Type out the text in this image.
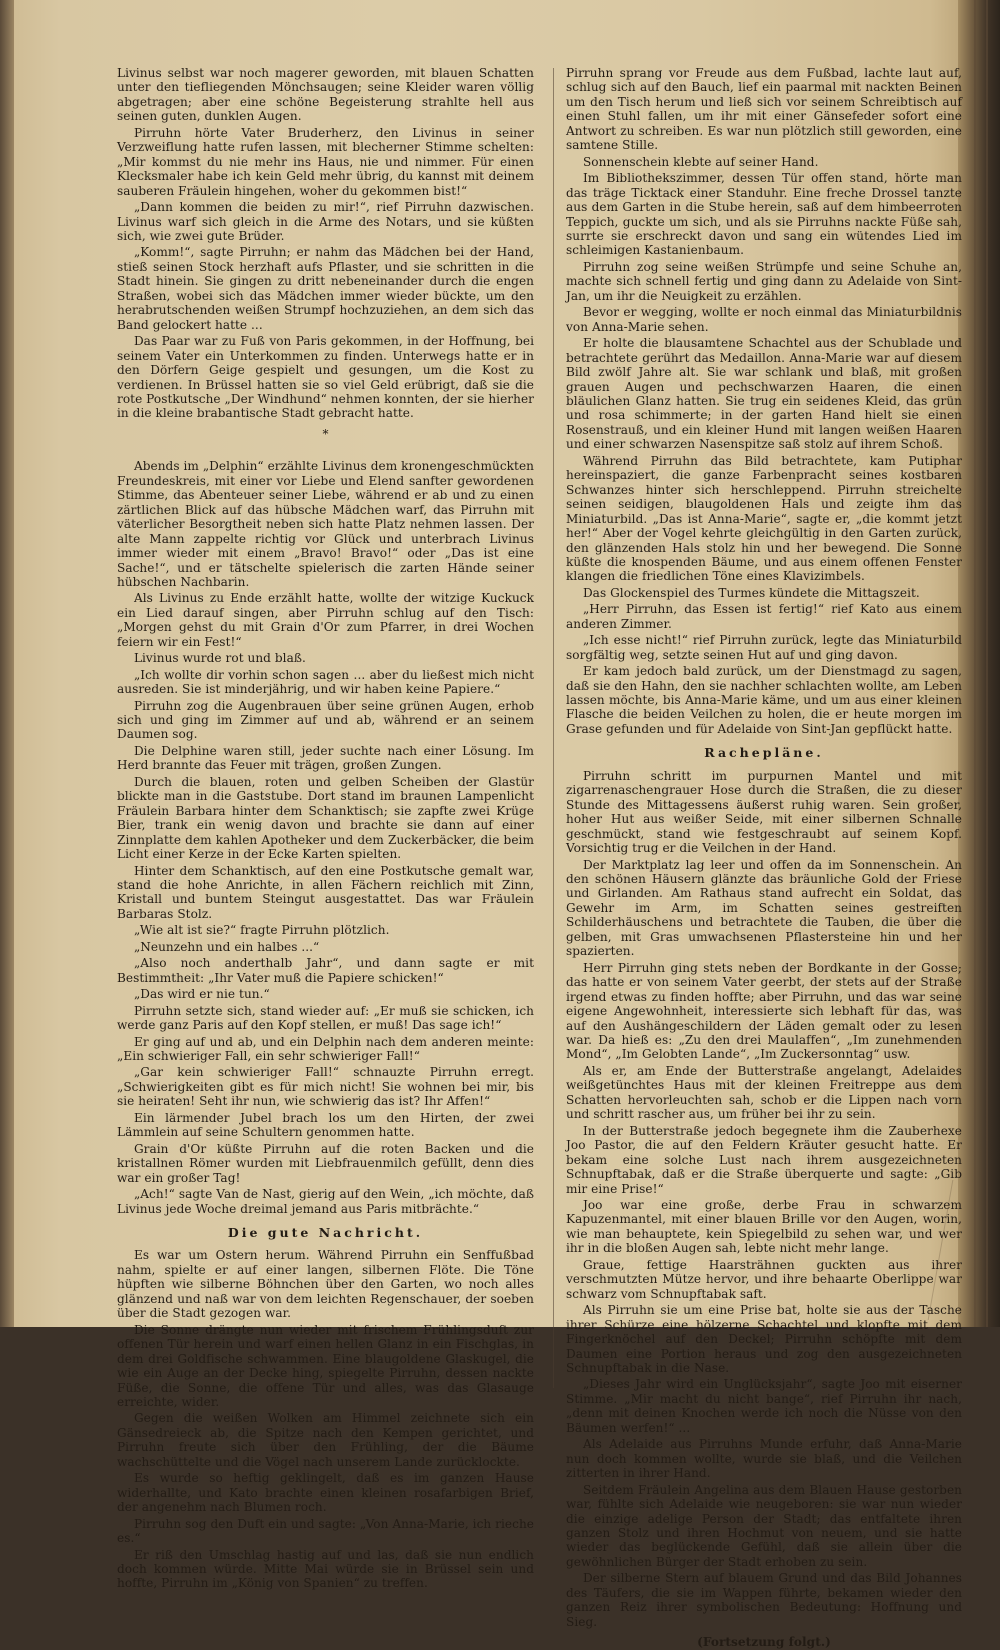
Livinus selbst war noch magerer geworden, mit blauen Schatten unter den tiefliegenden Mönchsaugen; seine Kleider waren völlig abgetragen; aber eine schöne Begeisterung strahlte hell aus seinen guten, dunklen Augen.

Pirruhn hörte Vater Bruderherz, den Livinus in seiner Verzweiflung hatte rufen lassen, mit blecherner Stimme schelten: „Mir kommst du nie mehr ins Haus, nie und nimmer. Für einen Klecksmaler habe ich kein Geld mehr übrig, du kannst mit deinem sauberen Fräulein hingehen, woher du gekommen bist!“

„Dann kommen die beiden zu mir!“, rief Pirruhn dazwischen. Livinus warf sich gleich in die Arme des Notars, und sie küßten sich, wie zwei gute Brüder.

„Komm!“, sagte Pirruhn; er nahm das Mädchen bei der Hand, stieß seinen Stock herzhaft aufs Pflaster, und sie schritten in die Stadt hinein. Sie gingen zu dritt nebeneinander durch die engen Straßen, wobei sich das Mädchen immer wieder bückte, um den herabrutschenden weißen Strumpf hochzuziehen, an dem sich das Band gelockert hatte ...

Das Paar war zu Fuß von Paris gekommen, in der Hoffnung, bei seinem Vater ein Unterkommen zu finden. Unterwegs hatte er in den Dörfern Geige gespielt und gesungen, um die Kost zu verdienen. In Brüssel hatten sie so viel Geld erübrigt, daß sie die rote Postkutsche „Der Windhund“ nehmen konnten, der sie hierher in die kleine brabantische Stadt gebracht hatte.

*

Abends im „Delphin“ erzählte Livinus dem kronengeschmückten Freundeskreis, mit einer vor Liebe und Elend sanfter gewordenen Stimme, das Abenteuer seiner Liebe, während er ab und zu einen zärtlichen Blick auf das hübsche Mädchen warf, das Pirruhn mit väterlicher Besorgtheit neben sich hatte Platz nehmen lassen. Der alte Mann zappelte richtig vor Glück und unterbrach Livinus immer wieder mit einem „Bravo! Bravo!“ oder „Das ist eine Sache!“, und er tätschelte spielerisch die zarten Hände seiner hübschen Nachbarin.

Als Livinus zu Ende erzählt hatte, wollte der witzige Kuckuck ein Lied darauf singen, aber Pirruhn schlug auf den Tisch: „Morgen gehst du mit Grain d'Or zum Pfarrer, in drei Wochen feiern wir ein Fest!“

Livinus wurde rot und blaß.

„Ich wollte dir vorhin schon sagen ... aber du ließest mich nicht ausreden. Sie ist minderjährig, und wir haben keine Papiere.“

Pirruhn zog die Augenbrauen über seine grünen Augen, erhob sich und ging im Zimmer auf und ab, während er an seinem Daumen sog.

Die Delphine waren still, jeder suchte nach einer Lösung. Im Herd brannte das Feuer mit trägen, großen Zungen.

Durch die blauen, roten und gelben Scheiben der Glastür blickte man in die Gaststube. Dort stand im braunen Lampenlicht Fräulein Barbara hinter dem Schanktisch; sie zapfte zwei Krüge Bier, trank ein wenig davon und brachte sie dann auf einer Zinnplatte dem kahlen Apotheker und dem Zuckerbäcker, die beim Licht einer Kerze in der Ecke Karten spielten.

Hinter dem Schanktisch, auf den eine Postkutsche gemalt war, stand die hohe Anrichte, in allen Fächern reichlich mit Zinn, Kristall und buntem Steingut ausgestattet. Das war Fräulein Barbaras Stolz.

„Wie alt ist sie?“ fragte Pirruhn plötzlich.

„Neunzehn und ein halbes ...“

„Also noch anderthalb Jahr“, und dann sagte er mit Bestimmtheit: „Ihr Vater muß die Papiere schicken!“

„Das wird er nie tun.“

Pirruhn setzte sich, stand wieder auf: „Er muß sie schicken, ich werde ganz Paris auf den Kopf stellen, er muß! Das sage ich!“

Er ging auf und ab, und ein Delphin nach dem anderen meinte: „Ein schwieriger Fall, ein sehr schwieriger Fall!“

„Gar kein schwieriger Fall!“ schnauzte Pirruhn erregt. „Schwierigkeiten gibt es für mich nicht! Sie wohnen bei mir, bis sie heiraten! Seht ihr nun, wie schwierig das ist? Ihr Affen!“

Ein lärmender Jubel brach los um den Hirten, der zwei Lämmlein auf seine Schultern genommen hatte.

Grain d'Or küßte Pirruhn auf die roten Backen und die kristallnen Römer wurden mit Liebfrauenmilch gefüllt, denn dies war ein großer Tag!

„Ach!“ sagte Van de Nast, gierig auf den Wein, „ich möchte, daß Livinus jede Woche dreimal jemand aus Paris mitbrächte.“

Die gute Nachricht.

Es war um Ostern herum. Während Pirruhn ein Senffußbad nahm, spielte er auf einer langen, silbernen Flöte. Die Töne hüpften wie silberne Böhnchen über den Garten, wo noch alles glänzend und naß war von dem leichten Regenschauer, der soeben über die Stadt gezogen war.

Die Sonne drängte nun wieder mit frischem Frühlingsduft zur offenen Tür herein und warf einen hellen Glanz in ein Fischglas, in dem drei Goldfische schwammen. Eine blaugoldene Glaskugel, die wie ein Auge an der Decke hing, spiegelte Pirruhn, dessen nackte Füße, die Sonne, die offene Tür und alles, was das Glasauge erreichte, wider.

Gegen die weißen Wolken am Himmel zeichnete sich ein Gänsedreieck ab, die Spitze nach den Kempen gerichtet, und Pirruhn freute sich über den Frühling, der die Bäume wachschüttelte und die Vögel nach unserem Lande zurücklockte.

Es wurde so heftig geklingelt, daß es im ganzen Hause widerhallte, und Kato brachte einen kleinen rosafarbigen Brief, der angenehm nach Blumen roch.

Pirruhn sog den Duft ein und sagte: „Von Anna-Marie, ich rieche es.“

Er riß den Umschlag hastig auf und las, daß sie nun endlich doch kommen würde. Mitte Mai würde sie in Brüssel sein und hoffte, Pirruhn im „König von Spanien“ zu treffen.

Pirruhn sprang vor Freude aus dem Fußbad, lachte laut auf, schlug sich auf den Bauch, lief ein paarmal mit nackten Beinen um den Tisch herum und ließ sich vor seinem Schreibtisch auf einen Stuhl fallen, um ihr mit einer Gänsefeder sofort eine Antwort zu schreiben. Es war nun plötzlich still geworden, eine samtene Stille.

Sonnenschein klebte auf seiner Hand.

Im Bibliothekszimmer, dessen Tür offen stand, hörte man das träge Ticktack einer Standuhr. Eine freche Drossel tanzte aus dem Garten in die Stube herein, saß auf dem himbeerroten Teppich, guckte um sich, und als sie Pirruhns nackte Füße sah, surrte sie erschreckt davon und sang ein wütendes Lied im schleimigen Kastanienbaum.

Pirruhn zog seine weißen Strümpfe und seine Schuhe an, machte sich schnell fertig und ging dann zu Adelaide von Sint-Jan, um ihr die Neuigkeit zu erzählen.

Bevor er wegging, wollte er noch einmal das Miniaturbildnis von Anna-Marie sehen.

Er holte die blausamtene Schachtel aus der Schublade und betrachtete gerührt das Medaillon. Anna-Marie war auf diesem Bild zwölf Jahre alt. Sie war schlank und blaß, mit großen grauen Augen und pechschwarzen Haaren, die einen bläulichen Glanz hatten. Sie trug ein seidenes Kleid, das grün und rosa schimmerte; in der garten Hand hielt sie einen Rosenstrauß, und ein kleiner Hund mit langen weißen Haaren und einer schwarzen Nasenspitze saß stolz auf ihrem Schoß.

Während Pirruhn das Bild betrachtete, kam Putiphar hereinspaziert, die ganze Farbenpracht seines kostbaren Schwanzes hinter sich herschleppend. Pirruhn streichelte seinen seidigen, blaugoldenen Hals und zeigte ihm das Miniaturbild. „Das ist Anna-Marie“, sagte er, „die kommt jetzt her!“ Aber der Vogel kehrte gleichgültig in den Garten zurück, den glänzenden Hals stolz hin und her bewegend. Die Sonne küßte die knospenden Bäume, und aus einem offenen Fenster klangen die friedlichen Töne eines Klavizimbels.

Das Glockenspiel des Turmes kündete die Mittagszeit.

„Herr Pirruhn, das Essen ist fertig!“ rief Kato aus einem anderen Zimmer.

„Ich esse nicht!“ rief Pirruhn zurück, legte das Miniaturbild sorgfältig weg, setzte seinen Hut auf und ging davon.

Er kam jedoch bald zurück, um der Dienstmagd zu sagen, daß sie den Hahn, den sie nachher schlachten wollte, am Leben lassen möchte, bis Anna-Marie käme, und um aus einer kleinen Flasche die beiden Veilchen zu holen, die er heute morgen im Grase gefunden und für Adelaide von Sint-Jan gepflückt hatte.

Rachepläne.

Pirruhn schritt im purpurnen Mantel und mit zigarrenaschengrauer Hose durch die Straßen, die zu dieser Stunde des Mittagessens äußerst ruhig waren. Sein großer, hoher Hut aus weißer Seide, mit einer silbernen Schnalle geschmückt, stand wie festgeschraubt auf seinem Kopf. Vorsichtig trug er die Veilchen in der Hand.

Der Marktplatz lag leer und offen da im Sonnenschein. An den schönen Häusern glänzte das bräunliche Gold der Friese und Girlanden. Am Rathaus stand aufrecht ein Soldat, das Gewehr im Arm, im Schatten seines gestreiften Schilderhäuschens und betrachtete die Tauben, die über die gelben, mit Gras umwachsenen Pflastersteine hin und her spazierten.

Herr Pirruhn ging stets neben der Bordkante in der Gosse; das hatte er von seinem Vater geerbt, der stets auf der Straße irgend etwas zu finden hoffte; aber Pirruhn, und das war seine eigene Angewohnheit, interessierte sich lebhaft für das, was auf den Aushängeschildern der Läden gemalt oder zu lesen war. Da hieß es: „Zu den drei Maulaffen“, „Im zunehmenden Mond“, „Im Gelobten Lande“, „Im Zuckersonntag“ usw.

Als er, am Ende der Butterstraße angelangt, Adelaides weißgetünchtes Haus mit der kleinen Freitreppe aus dem Schatten hervorleuchten sah, schob er die Lippen nach vorn und schritt rascher aus, um früher bei ihr zu sein.

In der Butterstraße jedoch begegnete ihm die Zauberhexe Joo Pastor, die auf den Feldern Kräuter gesucht hatte. Er bekam eine solche Lust nach ihrem ausgezeichneten Schnupftabak, daß er die Straße überquerte und sagte: „Gib mir eine Prise!“

Joo war eine große, derbe Frau in schwarzem Kapuzenmantel, mit einer blauen Brille vor den Augen, worin, wie man behauptete, kein Spiegelbild zu sehen war, und wer ihr in die bloßen Augen sah, lebte nicht mehr lange.

Graue, fettige Haarsträhnen guckten aus ihrer verschmutzten Mütze hervor, und ihre behaarte Oberlippe war schwarz vom Schnupftabak saft.

Als Pirruhn sie um eine Prise bat, holte sie aus der Tasche ihrer Schürze eine hölzerne Schachtel und klopfte mit dem Fingerknöchel auf den Deckel; Pirruhn schöpfte mit dem Daumen eine Portion heraus und zog den ausgezeichneten Schnupftabak in die Nase.

„Dieses Jahr wird ein Unglücksjahr“, sagte Joo mit eiserner Stimme. „Mir macht du nicht bange“, rief Pirruhn ihr nach, „denn mit deinen Knochen werde ich noch die Nüsse von den Bäumen werfen!“ ...

Als Adelaide aus Pirruhns Munde erfuhr, daß Anna-Marie nun doch kommen wollte, wurde sie blaß, und die Veilchen zitterten in ihrer Hand.

Seitdem Fräulein Angelina aus dem Blauen Hause gestorben war, fühlte sich Adelaide wie neugeboren: sie war nun wieder die einzige adelige Person der Stadt; das entfaltete ihren ganzen Stolz und ihren Hochmut von neuem, und sie hatte wieder das beglückende Gefühl, daß sie allein über die gewöhnlichen Bürger der Stadt erhoben zu sein.

Der silberne Stern auf blauem Grund und das Bild Johannes des Täufers, die sie im Wappen führte, bekamen wieder den ganzen Reiz ihrer symbolischen Bedeutung: Hoffnung und Sieg.

(Fortsetzung folgt.)
